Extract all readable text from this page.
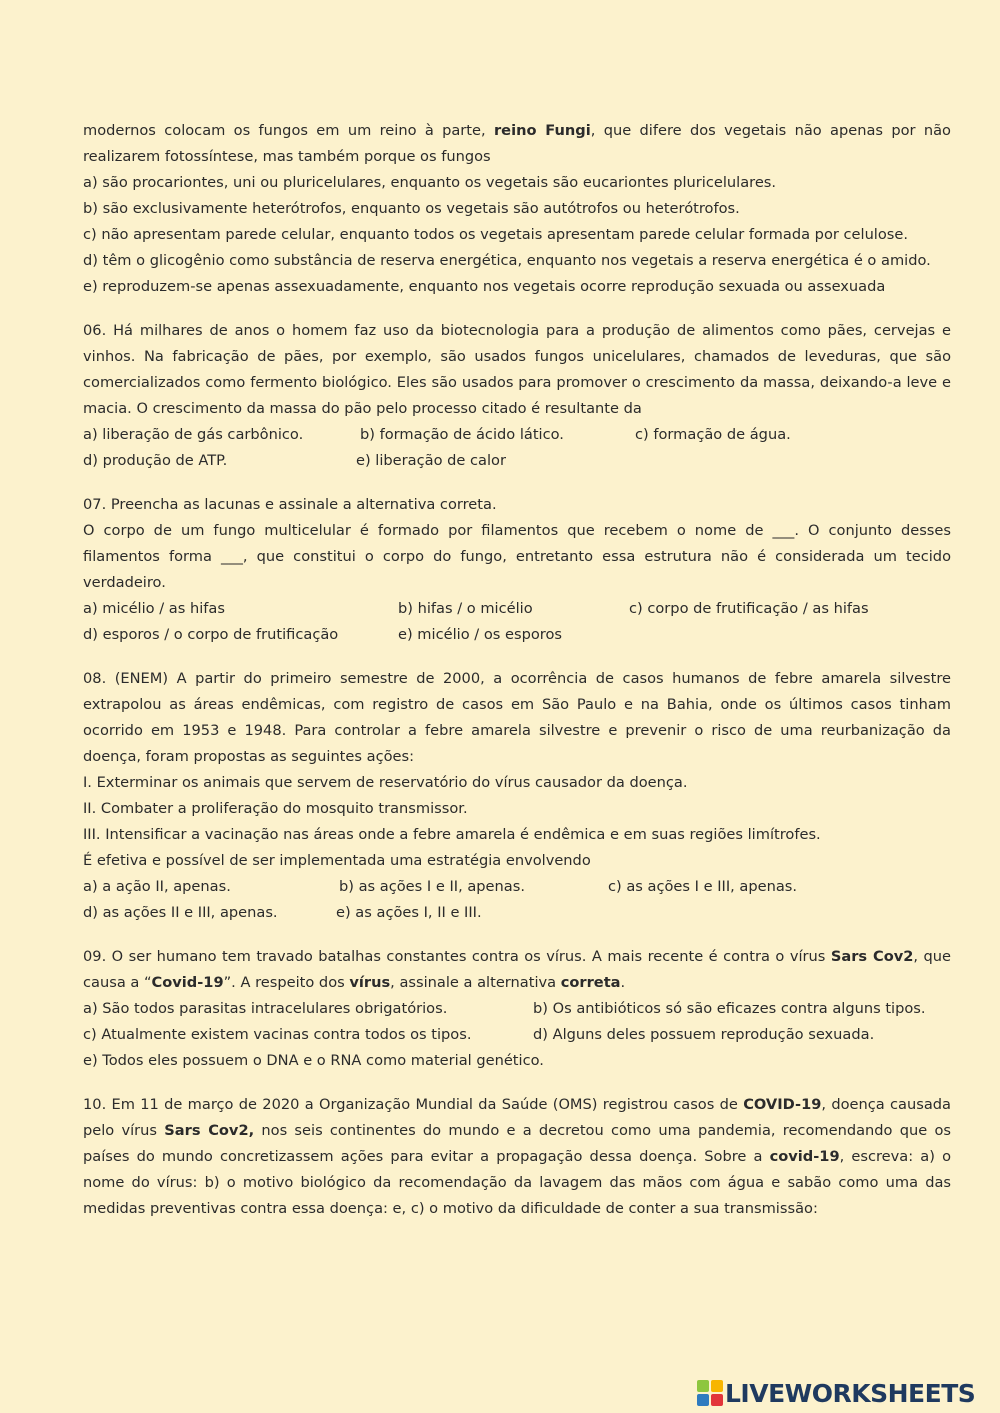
modernos colocam os fungos em um reino à parte, reino Fungi, que difere dos vegetais não apenas por não realizarem fotossíntese, mas também porque os fungos

a) são procariontes, uni ou pluricelulares, enquanto os vegetais são eucariontes pluricelulares.

b) são exclusivamente heterótrofos, enquanto os vegetais são autótrofos ou heterótrofos.

c) não apresentam parede celular, enquanto todos os vegetais apresentam parede celular formada por celulose.

d) têm o glicogênio como substância de reserva energética, enquanto nos vegetais a reserva energética é o amido.

e) reproduzem-se apenas assexuadamente, enquanto nos vegetais ocorre reprodução sexuada ou assexuada

06. Há milhares de anos o homem faz uso da biotecnologia para a produção de alimentos como pães, cervejas e vinhos. Na fabricação de pães, por exemplo, são usados fungos unicelulares, chamados de leveduras, que são comercializados como fermento biológico. Eles são usados para promover o crescimento da massa, deixando-a leve e macia. O crescimento da massa do pão pelo processo citado é resultante da

a) liberação de gás carbônico.	b) formação de ácido lático.	c) formação de água.
d) produção de ATP.	e) liberação de calor

07. Preencha as lacunas e assinale a alternativa correta.

O corpo de um fungo multicelular é formado por filamentos que recebem o nome de ___. O conjunto desses filamentos forma ___, que constitui o corpo do fungo, entretanto essa estrutura não é considerada um tecido verdadeiro.

a) micélio / as hifas	b) hifas / o micélio	c) corpo de frutificação / as hifas
d) esporos / o corpo de frutificação	e) micélio / os esporos

08. (ENEM) A partir do primeiro semestre de 2000, a ocorrência de casos humanos de febre amarela silvestre extrapolou as áreas endêmicas, com registro de casos em São Paulo e na Bahia, onde os últimos casos tinham ocorrido em 1953 e 1948. Para controlar a febre amarela silvestre e prevenir o risco de uma reurbanização da doença, foram propostas as seguintes ações:

I. Exterminar os animais que servem de reservatório do vírus causador da doença.

II. Combater a proliferação do mosquito transmissor.

III. Intensificar a vacinação nas áreas onde a febre amarela é endêmica e em suas regiões limítrofes.

É efetiva e possível de ser implementada uma estratégia envolvendo

a) a ação II, apenas.	b) as ações I e II, apenas.	c) as ações I e III, apenas.
d) as ações II e III, apenas.	e) as ações I, II e III.

09. O ser humano tem travado batalhas constantes contra os vírus. A mais recente é contra o vírus Sars Cov2, que causa a “Covid-19”. A respeito dos vírus, assinale a alternativa correta.

a) São todos parasitas intracelulares obrigatórios.	b) Os antibióticos só são eficazes contra alguns tipos.
c) Atualmente existem vacinas contra todos os tipos.	d) Alguns deles possuem reprodução sexuada.

e) Todos eles possuem o DNA e o RNA como material genético.

10. Em 11 de março de 2020 a Organização Mundial da Saúde (OMS) registrou casos de COVID-19, doença causada pelo vírus Sars Cov2, nos seis continentes do mundo e a decretou como uma pandemia, recomendando que os países do mundo concretizassem ações para evitar a propagação dessa doença. Sobre a covid-19, escreva: a) o nome do vírus: b) o motivo biológico da recomendação da lavagem das mãos com água e sabão como uma das medidas preventivas contra essa doença: e, c) o motivo da dificuldade de conter a sua transmissão:

LIVEWORKSHEETS
